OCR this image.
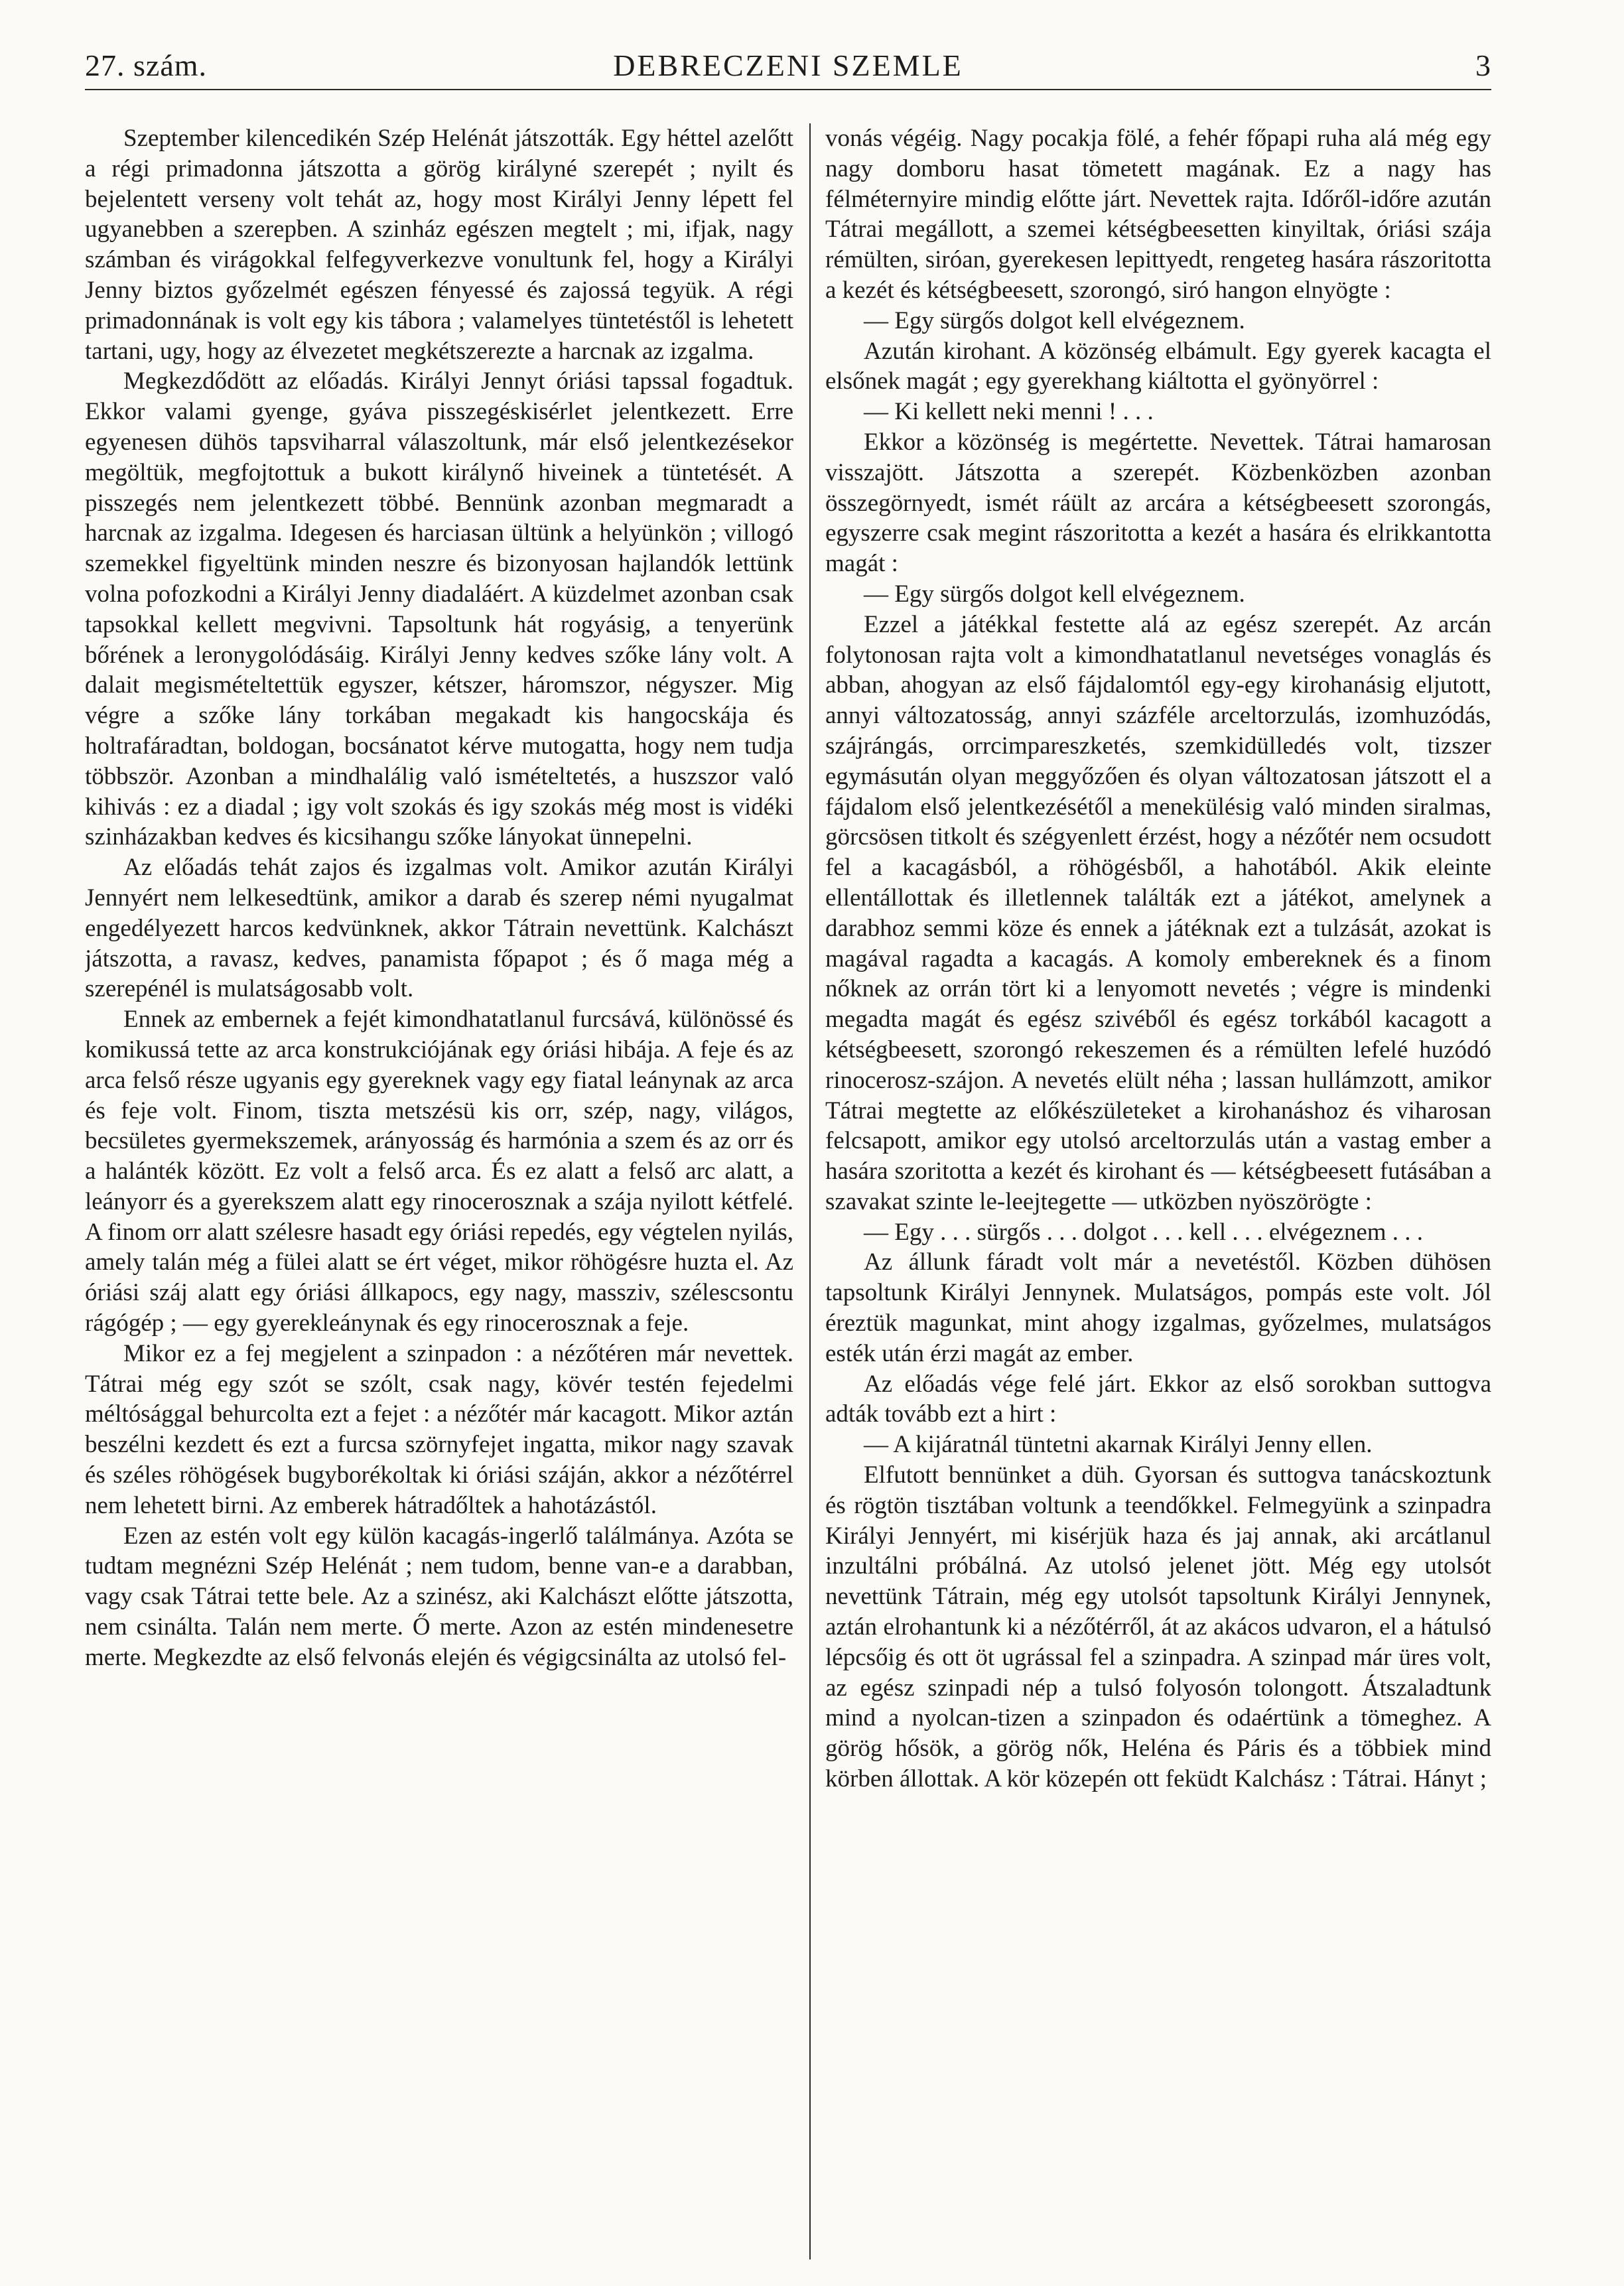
27. szám.	DEBRECZENI SZEMLE	3

Szeptember kilencedikén Szép Helénát játszották. Egy héttel azelőtt a régi primadonna játszotta a görög királyné szerepét ; nyilt és bejelentett verseny volt tehát az, hogy most Királyi Jenny lépett fel ugyanebben a szerepben. A szinház egészen megtelt ; mi, ifjak, nagy számban és virágokkal felfegyverkezve vonultunk fel, hogy a Királyi Jenny biztos győzelmét egészen fényessé és zajossá tegyük. A régi primadonnának is volt egy kis tábora ; valamelyes tüntetéstől is lehetett tartani, ugy, hogy az élvezetet megkétszerezte a harcnak az izgalma.

Megkezdődött az előadás. Királyi Jennyt óriási tapssal fogadtuk. Ekkor valami gyenge, gyáva pisszegéskisérlet jelentkezett. Erre egyenesen dühös tapsviharral válaszoltunk, már első jelentkezésekor megöltük, megfojtottuk a bukott királynő hiveinek a tüntetését. A pisszegés nem jelentkezett többé. Bennünk azonban megmaradt a harcnak az izgalma. Idegesen és harciasan ültünk a helyünkön ; villogó szemekkel figyeltünk minden neszre és bizonyosan hajlandók lettünk volna pofozkodni a Királyi Jenny diadaláért. A küzdelmet azonban csak tapsokkal kellett megvivni. Tapsoltunk hát rogyásig, a tenyerünk bőrének a leronygolódásáig. Királyi Jenny kedves szőke lány volt. A dalait megismételtettük egyszer, kétszer, háromszor, négyszer. Mig végre a szőke lány torkában megakadt kis hangocskája és holtrafáradtan, boldogan, bocsánatot kérve mutogatta, hogy nem tudja többször. Azonban a mindhalálig való ismételtetés, a huszszor való kihivás : ez a diadal ; igy volt szokás és igy szokás még most is vidéki szinházakban kedves és kicsihangu szőke lányokat ünnepelni.

Az előadás tehát zajos és izgalmas volt. Amikor azután Királyi Jennyért nem lelkesedtünk, amikor a darab és szerep némi nyugalmat engedélyezett harcos kedvünknek, akkor Tátrain nevettünk. Kalchászt játszotta, a ravasz, kedves, panamista főpapot ; és ő maga még a szerepénél is mulatságosabb volt.

Ennek az embernek a fejét kimondhatatlanul furcsává, különössé és komikussá tette az arca konstrukciójának egy óriási hibája. A feje és az arca felső része ugyanis egy gyereknek vagy egy fiatal leánynak az arca és feje volt. Finom, tiszta metszésü kis orr, szép, nagy, világos, becsületes gyermekszemek, arányosság és harmónia a szem és az orr és a halánték között. Ez volt a felső arca. És ez alatt a felső arc alatt, a leányorr és a gyerekszem alatt egy rinocerosznak a szája nyilott kétfelé. A finom orr alatt szélesre hasadt egy óriási repedés, egy végtelen nyilás, amely talán még a fülei alatt se ért véget, mikor röhögésre huzta el. Az óriási száj alatt egy óriási állkapocs, egy nagy, massziv, szélescsontu rágógép ; — egy gyerekleánynak és egy rinocerosznak a feje.

Mikor ez a fej megjelent a szinpadon : a nézőtéren már nevettek. Tátrai még egy szót se szólt, csak nagy, kövér testén fejedelmi méltósággal behurcolta ezt a fejet : a nézőtér már kacagott. Mikor aztán beszélni kezdett és ezt a furcsa szörnyfejet ingatta, mikor nagy szavak és széles röhögések bugyborékoltak ki óriási száján, akkor a nézőtérrel nem lehetett birni. Az emberek hátradőltek a hahotázástól.

Ezen az estén volt egy külön kacagás-ingerlő találmánya. Azóta se tudtam megnézni Szép Helénát ; nem tudom, benne van-e a darabban, vagy csak Tátrai tette bele. Az a szinész, aki Kalchászt előtte játszotta, nem csinálta. Talán nem merte. Ő merte. Azon az estén mindenesetre merte. Megkezdte az első felvonás elején és végigcsinálta az utolsó fel-

vonás végéig. Nagy pocakja fölé, a fehér főpapi ruha alá még egy nagy domboru hasat tömetett magának. Ez a nagy has félméternyire mindig előtte járt. Nevettek rajta. Időről-időre azután Tátrai megállott, a szemei kétségbeesetten kinyiltak, óriási szája rémülten, siróan, gyerekesen lepittyedt, rengeteg hasára rászoritotta a kezét és kétségbeesett, szorongó, siró hangon elnyögte :

— Egy sürgős dolgot kell elvégeznem.

Azután kirohant. A közönség elbámult. Egy gyerek kacagta el elsőnek magát ; egy gyerekhang kiáltotta el gyönyörrel :

— Ki kellett neki menni ! . . .

Ekkor a közönség is megértette. Nevettek. Tátrai hamarosan visszajött. Játszotta a szerepét. Közbenközben azonban összegörnyedt, ismét ráült az arcára a kétségbeesett szorongás, egyszerre csak megint rászoritotta a kezét a hasára és elrikkantotta magát :

— Egy sürgős dolgot kell elvégeznem.

Ezzel a játékkal festette alá az egész szerepét. Az arcán folytonosan rajta volt a kimondhatatlanul nevetséges vonaglás és abban, ahogyan az első fájdalomtól egy-egy kirohanásig eljutott, annyi változatosság, annyi százféle arceltorzulás, izomhuzódás, szájrángás, orrcimpareszketés, szemkidülledés volt, tizszer egymásután olyan meggyőzően és olyan változatosan játszott el a fájdalom első jelentkezésétől a menekülésig való minden siralmas, görcsösen titkolt és szégyenlett érzést, hogy a nézőtér nem ocsudott fel a kacagásból, a röhögésből, a hahotából. Akik eleinte ellentállottak és illetlennek találták ezt a játékot, amelynek a darabhoz semmi köze és ennek a játéknak ezt a tulzását, azokat is magával ragadta a kacagás. A komoly embereknek és a finom nőknek az orrán tört ki a lenyomott nevetés ; végre is mindenki megadta magát és egész szivéből és egész torkából kacagott a kétségbeesett, szorongó rekeszemen és a rémülten lefelé huzódó rinocerosz-szájon. A nevetés elült néha ; lassan hullámzott, amikor Tátrai megtette az előkészületeket a kirohanáshoz és viharosan felcsapott, amikor egy utolsó arceltorzulás után a vastag ember a hasára szoritotta a kezét és kirohant és — kétségbeesett futásában a szavakat szinte le-leejtegette — utközben nyöszörögte :

— Egy . . . sürgős . . . dolgot . . . kell . . . elvégeznem . . .

Az állunk fáradt volt már a nevetéstől. Közben dühösen tapsoltunk Királyi Jennynek. Mulatságos, pompás este volt. Jól éreztük magunkat, mint ahogy izgalmas, győzelmes, mulatságos esték után érzi magát az ember.

Az előadás vége felé járt. Ekkor az első sorokban suttogva adták tovább ezt a hirt :

— A kijáratnál tüntetni akarnak Királyi Jenny ellen.

Elfutott bennünket a düh. Gyorsan és suttogva tanácskoztunk és rögtön tisztában voltunk a teendőkkel. Felmegyünk a szinpadra Királyi Jennyért, mi kisérjük haza és jaj annak, aki arcátlanul inzultálni próbálná. Az utolsó jelenet jött. Még egy utolsót nevettünk Tátrain, még egy utolsót tapsoltunk Királyi Jennynek, aztán elrohantunk ki a nézőtérről, át az akácos udvaron, el a hátulsó lépcsőig és ott öt ugrással fel a szinpadra. A szinpad már üres volt, az egész szinpadi nép a tulsó folyosón tolongott. Átszaladtunk mind a nyolcan-tizen a szinpadon és odaértünk a tömeghez. A görög hősök, a görög nők, Heléna és Páris és a többiek mind körben állottak. A kör közepén ott feküdt Kalchász : Tátrai. Hányt ;
